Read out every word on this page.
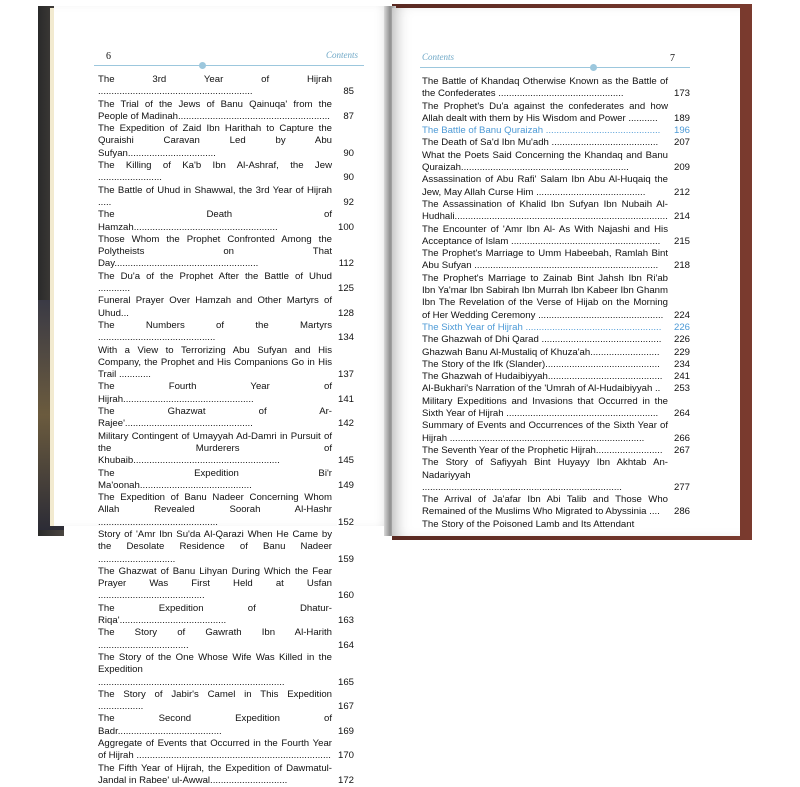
6	Contents
The 3rd Year of Hijrah ..........................................................	85
The Trial of the Jews of Banu Qainuqa' from the People of Madinah.........................................................	87
The Expedition of Zaid Ibn Harithah to Capture the Quraishi Caravan Led by Abu Sufyan.................................	90
The Killing of Ka'b Ibn Al-Ashraf, the Jew ........................	90
The Battle of Uhud in Shawwal, the 3rd Year of Hijrah .....	92
The Death of Hamzah......................................................	100
Those Whom the Prophet Confronted Among the Polytheists on That Day......................................................	112
The Du'a of the Prophet After the Battle of Uhud ............	125
Funeral Prayer Over Hamzah and Other Martyrs of Uhud...	128
The Numbers of the Martyrs ............................................	134
With a View to Terrorizing Abu Sufyan and His Company, the Prophet and His Companions Go in His Trail ............	137
The Fourth Year of Hijrah.................................................	141
The Ghazwat of Ar-Rajee'................................................	142
Military Contingent of Umayyah Ad-Damri in Pursuit of the Murderers of Khubaib.......................................................	145
The Expedition Bi'r Ma'oonah..........................................	149
The Expedition of Banu Nadeer Concerning Whom Allah Revealed Soorah Al-Hashr .............................................	152
Story of 'Amr Ibn Su'da Al-Qarazi When He Came by the Desolate Residence of Banu Nadeer .............................	159
The Ghazwat of Banu Lihyan During Which the Fear Prayer Was First Held at Usfan ........................................	160
The Expedition of Dhatur-Riqa'........................................	163
The Story of Gawrath Ibn Al-Harith ..................................	164
The Story of the One Whose Wife Was Killed in the Expedition ......................................................................	165
The Story of Jabir's Camel in This Expedition .................	167
The Second Expedition of Badr.......................................	169
Aggregate of Events that Occurred in the Fourth Year of Hijrah ......................................................................... 170
The Fifth Year of Hijrah, the Expedition of Dawmatul-Jandal in Rabee' ul-Awwal.............................	172
Contents	7
The Battle of Khandaq Otherwise Known as the Battle of the Confederates ...............................................	173
The Prophet's Du'a against the confederates and how Allah dealt with them by His Wisdom and Power ...........	189
The Battle of Banu Quraizah ...........................................	196
The Death of Sa'd Ibn Mu'adh ........................................	207
What the Poets Said Concerning the Khandaq and Banu Quraizah...............................................................	209
Assassination of Abu Rafi' Salam Ibn Abu Al-Huqaiq the Jew, May Allah Curse Him .........................................	212
The Assassination of Khalid Ibn Sufyan Ibn Nubaih Al-Hudhali................................................................................ 214
The Encounter of 'Amr Ibn Al- As With Najashi and His Acceptance of Islam ........................................................	215
The Prophet's Marriage to Umm Habeebah, Ramlah Bint Abu Sufyan .....................................................................	218
The Prophet's Marriage to Zainab Bint Jahsh Ibn Ri'ab Ibn Ya'mar Ibn Sabirah Ibn Murrah Ibn Kabeer Ibn Ghanm Ibn The Revelation of the Verse of Hijab on the Morning of Her Wedding Ceremony ...............................................	224
The Sixth Year of Hijrah ...................................................	226
The Ghazwah of Dhi Qarad .............................................	226
Ghazwah Banu Al-Mustaliq of Khuza'ah..........................	229
The Story of the Ifk (Slander)...........................................	234
The Ghazwah of Hudaibiyyah...........................................	241
Al-Bukhari's Narration of the 'Umrah of Al-Hudaibiyyah ..	253
Military Expeditions and Invasions that Occurred in the Sixth Year of Hijrah .........................................................	264
Summary of Events and Occurrences of the Sixth Year of Hijrah .........................................................................	266
The Seventh Year of the Prophetic Hijrah.........................	267
The Story of Safiyyah Bint Huyayy Ibn Akhtab An-Nadariyyah ...........................................................................	277
The Arrival of Ja'afar Ibn Abi Talib and Those Who Remained of the Muslims Who Migrated to Abyssinia ....	286
The Story of the Poisoned Lamb and Its Attendant
